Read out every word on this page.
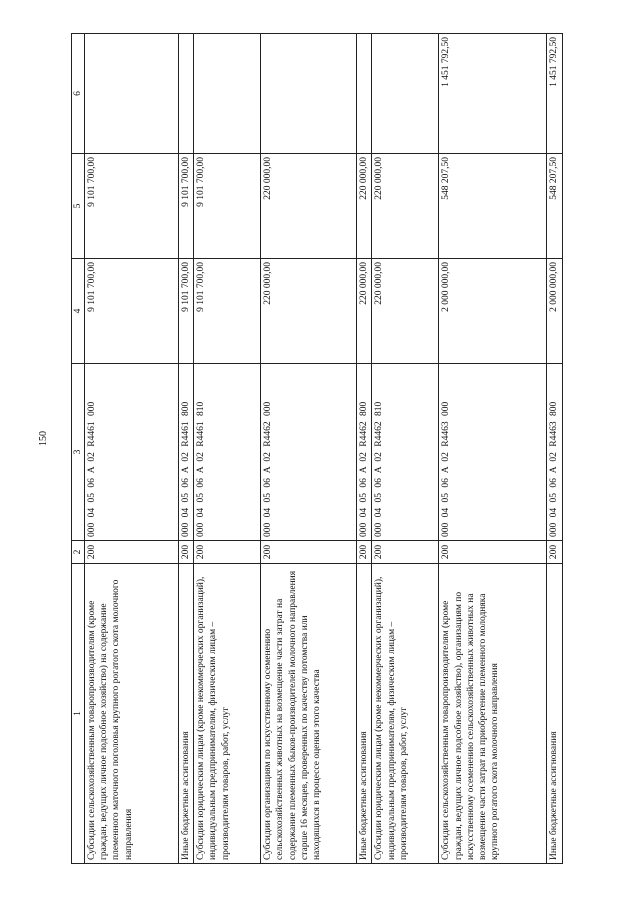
150
1	2	3	4	5	6
Субсидии сельскохозяйственным товаропроизводителям (кроме граждан, ведущих личное подсобное хозяйство) на содержание племенного маточного поголовья крупного рогатого скота молочного направления	200	000 04 05 06 A 02 R4461 000	9 101 700,00	9 101 700,00	
Иные бюджетные ассигнования	200	000 04 05 06 A 02 R4461 800	9 101 700,00	9 101 700,00	
Субсидии юридическим лицам (кроме некоммерческих организаций), индивидуальным предпринимателям, физическим лицам – производителям товаров, работ, услуг	200	000 04 05 06 A 02 R4461 810	9 101 700,00	9 101 700,00	
Субсидии организациям по искусственному осеменению сельскохозяйственных животных на возмещение части затрат на содержание племенных быков-производителей молочного направления старше 16 месяцев, проверенных по качеству потомства или находящихся в процессе оценки этого качества	200	000 04 05 06 A 02 R4462 000	220 000,00	220 000,00	
Иные бюджетные ассигнования	200	000 04 05 06 A 02 R4462 800	220 000,00	220 000,00	
Субсидии юридическим лицам (кроме некоммерческих организаций), индивидуальным предпринимателям, физическим лицам – производителям товаров, работ, услуг	200	000 04 05 06 A 02 R4462 810	220 000,00	220 000,00	
Субсидии сельскохозяйственным товаропроизводителям (кроме граждан, ведущих личное подсобное хозяйство), организациям по искусственному осеменению сельскохозяйственных животных на возмещение части затрат на приобретение племенного молодняка крупного рогатого скота молочного направления	200	000 04 05 06 A 02 R4463 000	2 000 000,00	548 207,50	1 451 792,50
Иные бюджетные ассигнования	200	000 04 05 06 A 02 R4463 800	2 000 000,00	548 207,50	1 451 792,50
